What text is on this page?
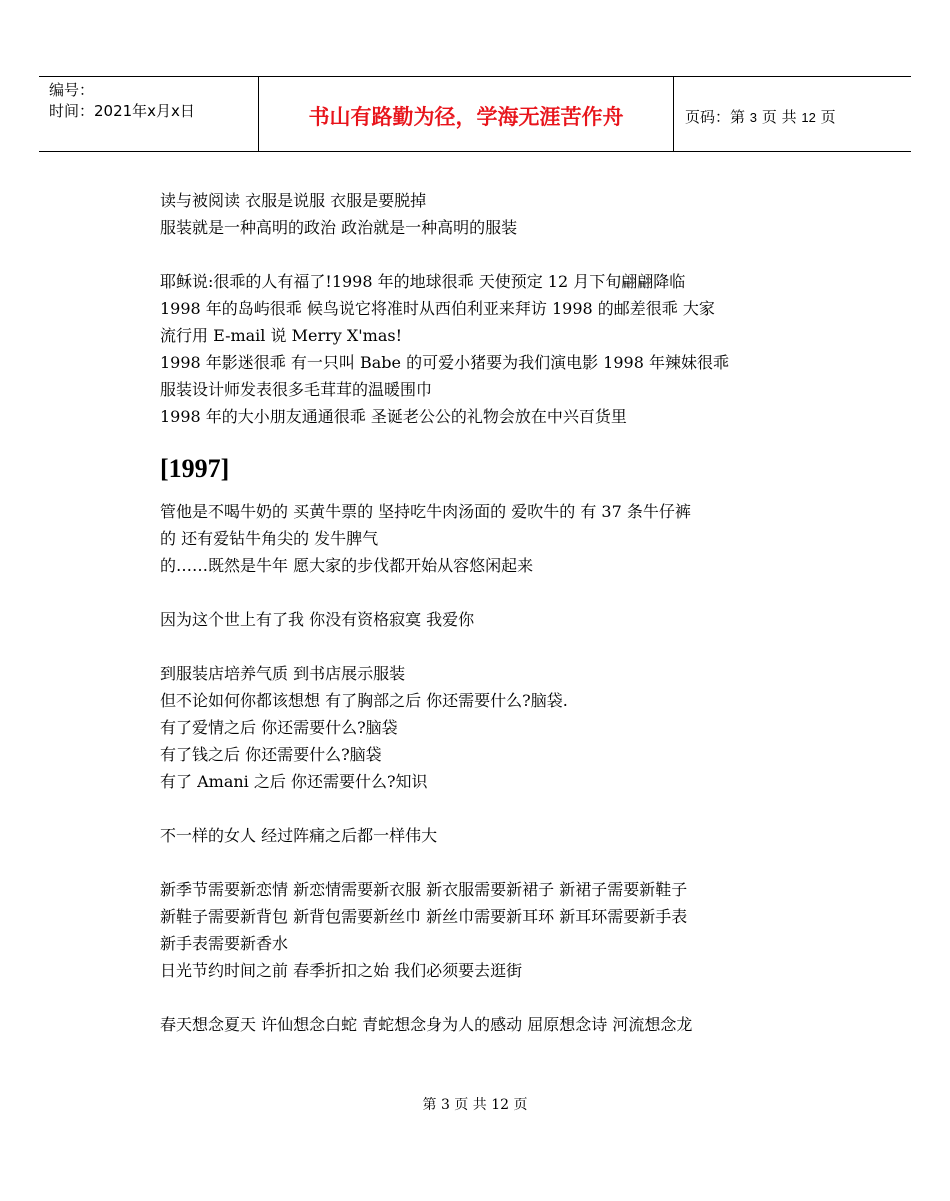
编号：
时间：2021年x月x日	书山有路勤为径，学海无涯苦作舟	页码：第 3 页 共 12 页
读与被阅读 衣服是说服 衣服是要脱掉
服装就是一种高明的政治 政治就是一种高明的服装
耶稣说:很乖的人有福了!1998 年的地球很乖 天使预定 12 月下旬翩翩降临
1998 年的岛屿很乖 候鸟说它将准时从西伯利亚来拜访 1998 的邮差很乖 大家
流行用 E-mail 说 Merry X'mas!
1998 年影迷很乖 有一只叫 Babe 的可爱小猪要为我们演电影 1998 年辣妹很乖
服装设计师发表很多毛茸茸的温暖围巾
1998 年的大小朋友通通很乖 圣诞老公公的礼物会放在中兴百货里
[1997]
管他是不喝牛奶的 买黄牛票的 坚持吃牛肉汤面的 爱吹牛的 有 37 条牛仔裤
的 还有爱钻牛角尖的 发牛脾气
的……既然是牛年 愿大家的步伐都开始从容悠闲起来
因为这个世上有了我 你没有资格寂寞 我爱你
到服装店培养气质 到书店展示服装
但不论如何你都该想想 有了胸部之后 你还需要什么?脑袋.
有了爱情之后 你还需要什么?脑袋
有了钱之后 你还需要什么?脑袋
有了 Amani 之后 你还需要什么?知识
不一样的女人 经过阵痛之后都一样伟大
新季节需要新恋情 新恋情需要新衣服 新衣服需要新裙子 新裙子需要新鞋子
新鞋子需要新背包 新背包需要新丝巾 新丝巾需要新耳环 新耳环需要新手表
新手表需要新香水
日光节约时间之前 春季折扣之始 我们必须要去逛街
春天想念夏天 许仙想念白蛇 青蛇想念身为人的感动 屈原想念诗 河流想念龙
第 3 页 共 12 页
